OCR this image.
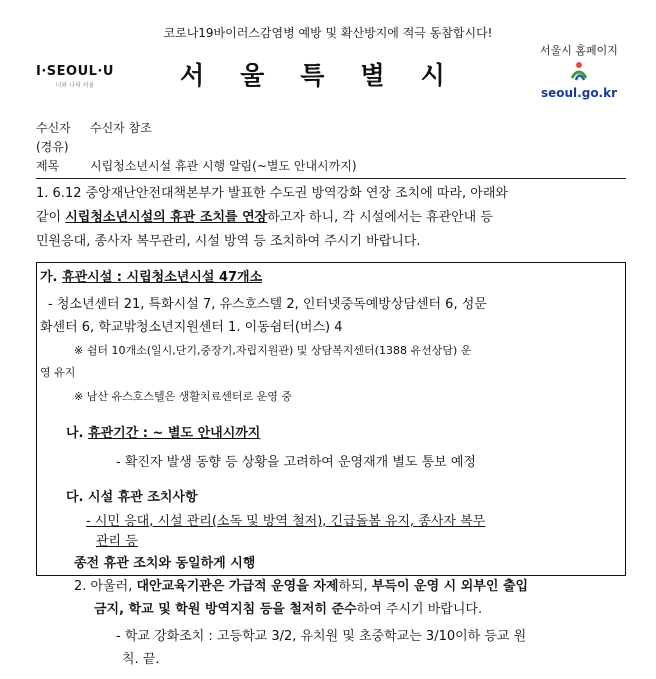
코로나19바이러스감염병 예방 및 확산방지에 적극 동참합시다!
I·SEOUL·U
너와 나의 서울	서울특별시
서울시 홈페이지
seoul.go.kr
수신자 수신자 참조
(경유)
제목	시립청소년시설 휴관 시행 알림(~별도 안내시까지)
1. 6.12 중앙재난안전대책본부가 발표한 수도권 방역강화 연장 조치에 따라, 아래와
같이 시립청소년시설의 휴관 조치를 연장하고자 하니, 각 시설에서는 휴관안내 등
민원응대, 종사자 복무관리, 시설 방역 등 조치하여 주시기 바랍니다.
가. 휴관시설 : 시립청소년시설 47개소
- 청소년센터 21, 특화시설 7, 유스호스텔 2, 인터넷중독예방상담센터 6, 성문
화센터 6, 학교밖청소년지원센터 1. 이동쉼터(버스) 4
※ 쉼터 10개소(일시,단기,중장기,자립지원관) 및 상담복지센터(1388 유선상담) 운
영 유지
※ 남산 유스호스텔은 생활치료센터로 운영 중
나. 휴관기간 : ~ 별도 안내시까지
- 확진자 발생 동향 등 상황을 고려하여 운영재개 별도 통보 예정
다. 시설 휴관 조치사항
- 시민 응대, 시설 관리(소독 및 방역 철저), 긴급돌봄 유지, 종사자 복무
관리 등
종전 휴관 조치와 동일하게 시행
2. 아울러, 대안교육기관은 가급적 운영을 자제하되, 부득이 운영 시 외부인 출입
금지, 학교 및 학원 방역지침 등을 철저히 준수하여 주시기 바랍니다.
- 학교 강화조치 : 고등학교 3/2, 유치원 및 초중학교는 3/10이하 등교 원
칙. 끝.
